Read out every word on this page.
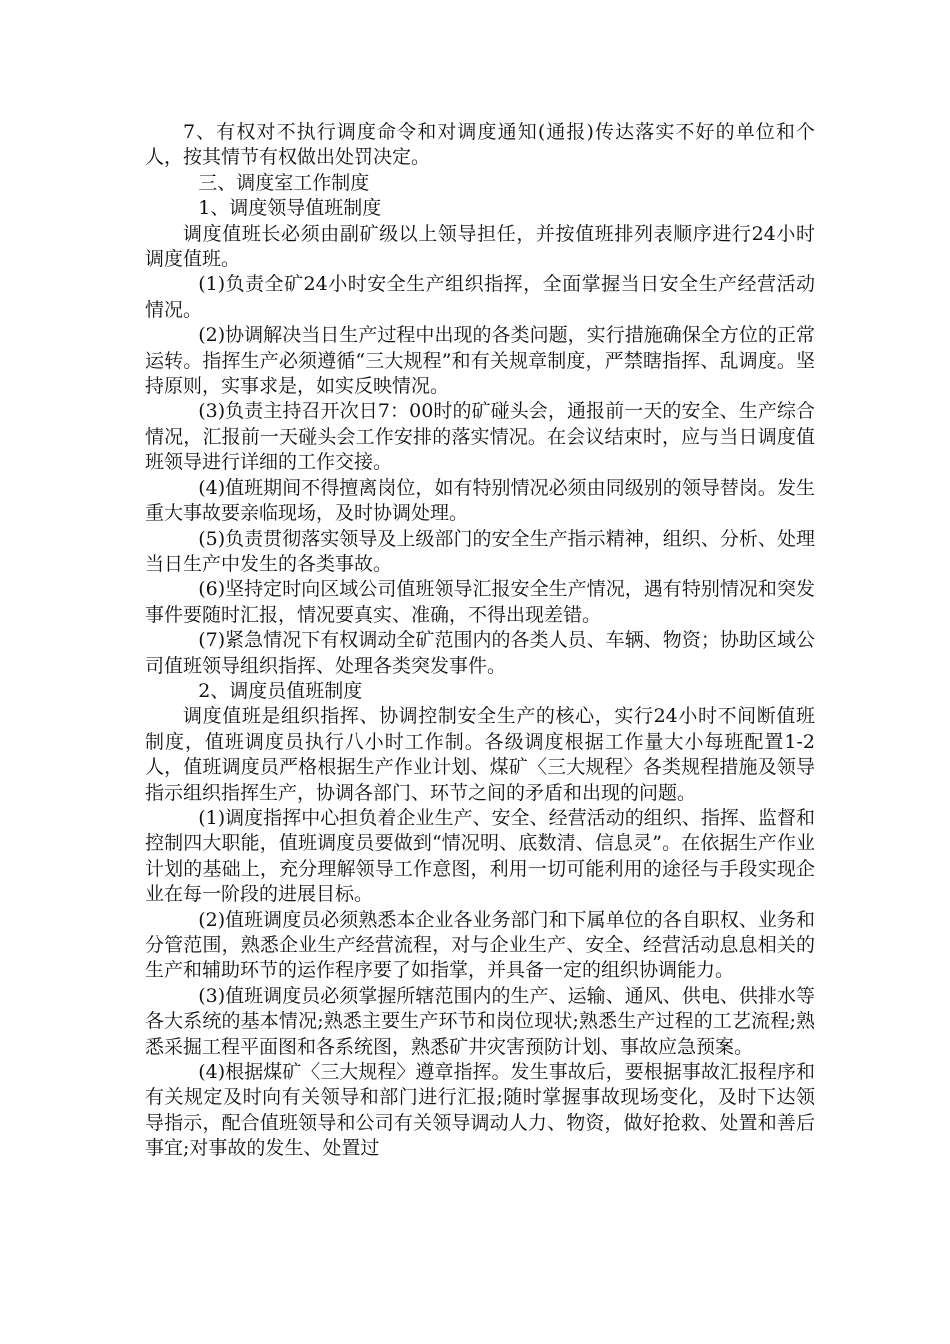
7、有权对不执行调度命令和对调度通知(通报)传达落实不好的单位和个人，按其情节有权做出处罚决定。

三、调度室工作制度

1、调度领导值班制度

调度值班长必须由副矿级以上领导担任，并按值班排列表顺序进行24小时调度值班。

(1)负责全矿24小时安全生产组织指挥，全面掌握当日安全生产经营活动情况。

(2)协调解决当日生产过程中出现的各类问题，实行措施确保全方位的正常运转。指挥生产必须遵循“三大规程”和有关规章制度，严禁瞎指挥、乱调度。坚持原则，实事求是，如实反映情况。

(3)负责主持召开次日7：00时的矿碰头会，通报前一天的安全、生产综合情况，汇报前一天碰头会工作安排的落实情况。在会议结束时，应与当日调度值班领导进行详细的工作交接。

(4)值班期间不得擅离岗位，如有特别情况必须由同级别的领导替岗。发生重大事故要亲临现场，及时协调处理。

(5)负责贯彻落实领导及上级部门的安全生产指示精神，组织、分析、处理当日生产中发生的各类事故。

(6)坚持定时向区域公司值班领导汇报安全生产情况，遇有特别情况和突发事件要随时汇报，情况要真实、准确，不得出现差错。

(7)紧急情况下有权调动全矿范围内的各类人员、车辆、物资；协助区域公司值班领导组织指挥、处理各类突发事件。

2、调度员值班制度

调度值班是组织指挥、协调控制安全生产的核心，实行24小时不间断值班制度，值班调度员执行八小时工作制。各级调度根据工作量大小每班配置1-2人，值班调度员严格根据生产作业计划、煤矿〈三大规程〉各类规程措施及领导指示组织指挥生产，协调各部门、环节之间的矛盾和出现的问题。

(1)调度指挥中心担负着企业生产、安全、经营活动的组织、指挥、监督和控制四大职能，值班调度员要做到“情况明、底数清、信息灵”。在依据生产作业计划的基础上，充分理解领导工作意图，利用一切可能利用的途径与手段实现企业在每一阶段的进展目标。

(2)值班调度员必须熟悉本企业各业务部门和下属单位的各自职权、业务和分管范围，熟悉企业生产经营流程，对与企业生产、安全、经营活动息息相关的生产和辅助环节的运作程序要了如指掌，并具备一定的组织协调能力。

(3)值班调度员必须掌握所辖范围内的生产、运输、通风、供电、供排水等各大系统的基本情况;熟悉主要生产环节和岗位现状;熟悉生产过程的工艺流程;熟悉采掘工程平面图和各系统图，熟悉矿井灾害预防计划、事故应急预案。

(4)根据煤矿〈三大规程〉遵章指挥。发生事故后，要根据事故汇报程序和有关规定及时向有关领导和部门进行汇报;随时掌握事故现场变化，及时下达领导指示，配合值班领导和公司有关领导调动人力、物资，做好抢救、处置和善后事宜;对事故的发生、处置过
